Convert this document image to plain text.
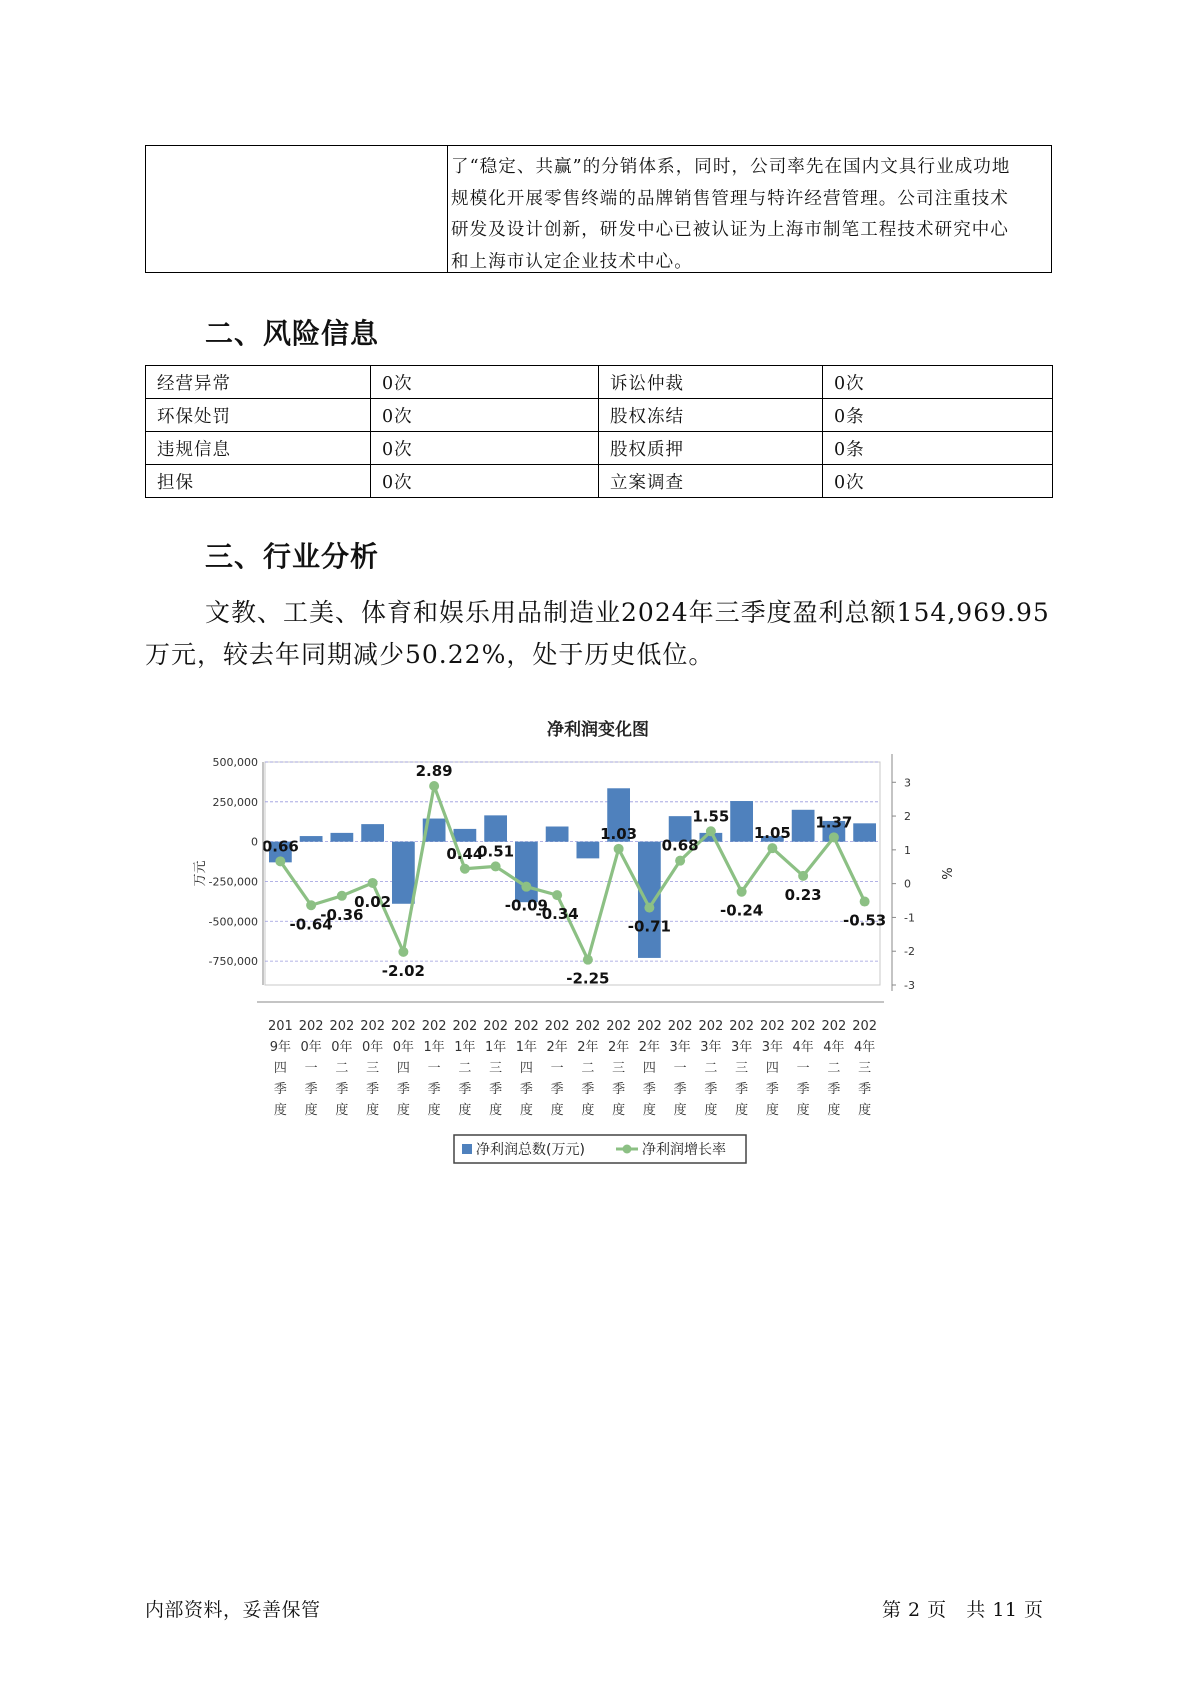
了“稳定、共赢”的分销体系，同时，公司率先在国内文具行业成功地
规模化开展零售终端的品牌销售管理与特许经营管理。公司注重技术
研发及设计创新，研发中心已被认证为上海市制笔工程技术研究中心
和上海市认定企业技术中心。
二、风险信息
经营异常	0次	诉讼仲裁	0次
环保处罚	0次	股权冻结	0条
违规信息	0次	股权质押	0条
担保	0次	立案调查	0次
三、行业分析
文教、工美、体育和娱乐用品制造业2024年三季度盈利总额154,969.95
万元，较去年同期减少50.22%，处于历史低位。
净利润变化图
0.66
-0.64
-0.36
0.02
-2.02
2.89
0.44
0.51
-0.09
-0.34
-2.25
1.03
-0.71
0.68
1.55
-0.24
1.05
0.23
1.37
-0.53
500,000
250,000
0
-250,000
-500,000
-750,000
3
2
1
0
-1
-2
-3
万元	%
201
9年
四
季
度
202
0年
一
季
度
202
0年
二
季
度
202
0年
三
季
度
202
0年
四
季
度
202
1年
一
季
度
202
1年
二
季
度
202
1年
三
季
度
202
1年
四
季
度
202
2年
一
季
度
202
2年
二
季
度
202
2年
三
季
度
202
2年
四
季
度
202
3年
一
季
度
202
3年
二
季
度
202
3年
三
季
度
202
3年
四
季
度
202
4年
一
季
度
202
4年
二
季
度
202
4年
三
季
度
净利润总数(万元)	净利润增长率
内部资料，妥善保管	第 2 页   共 11 页
